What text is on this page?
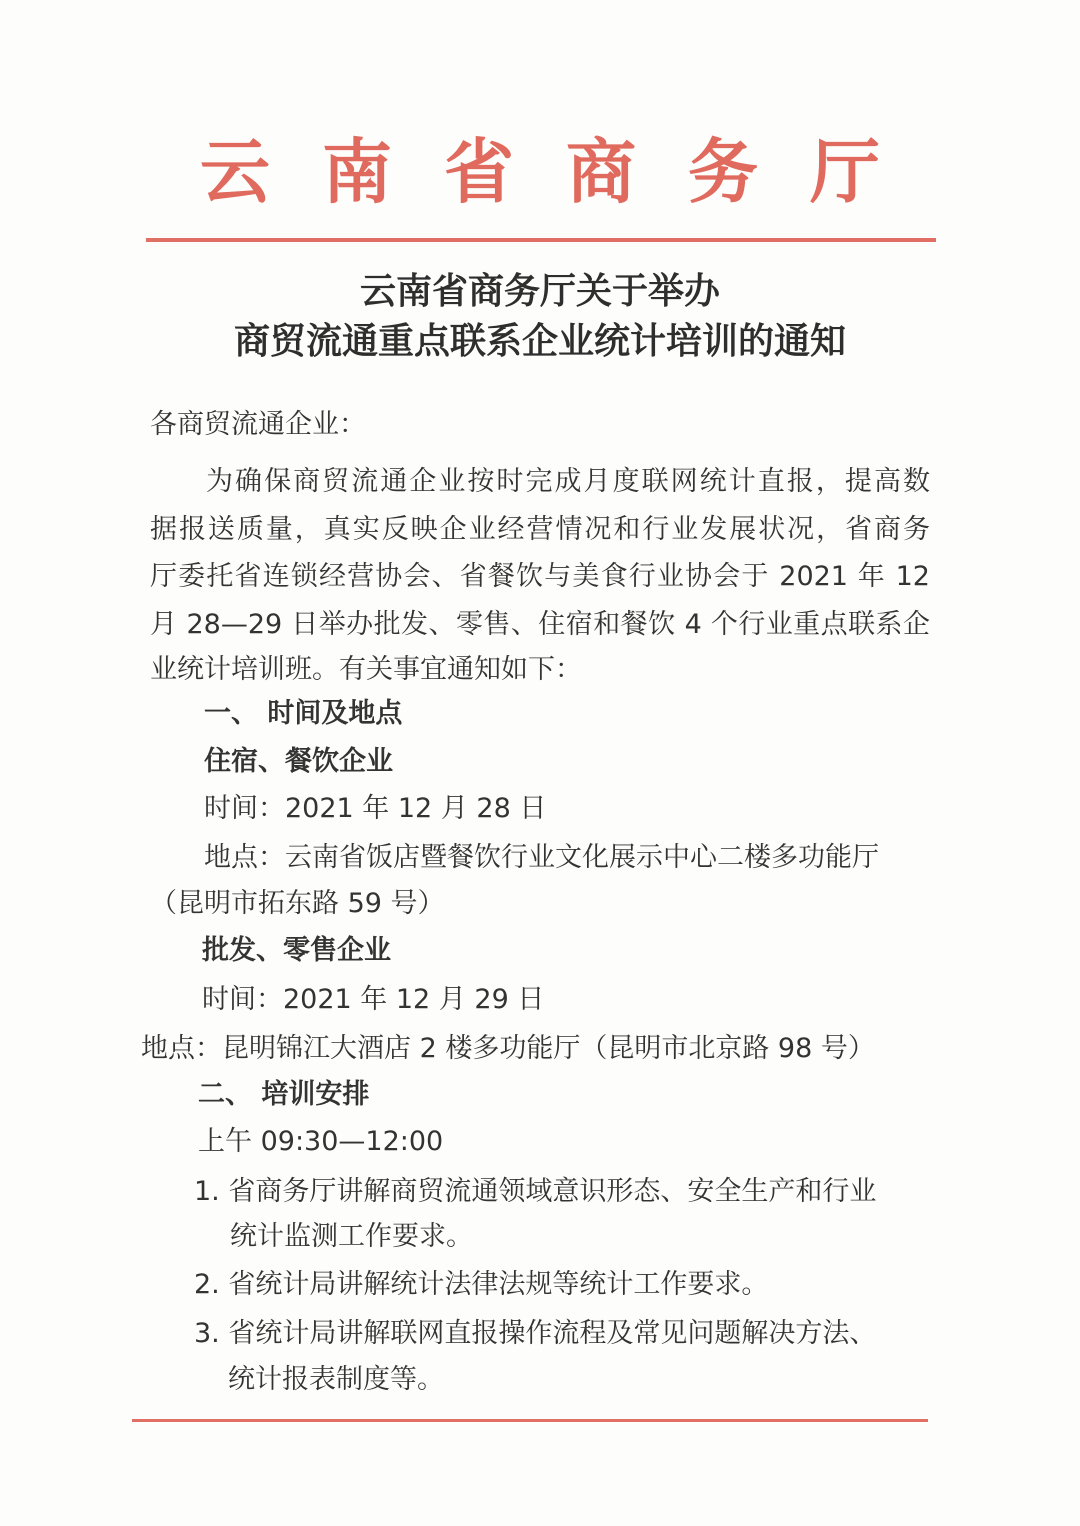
云 南 省 商 务 厅
云南省商务厅关于举办
商贸流通重点联系企业统计培训的通知
各商贸流通企业：
为确保商贸流通企业按时完成月度联网统计直报，提高数
据报送质量，真实反映企业经营情况和行业发展状况，省商务
厅委托省连锁经营协会、省餐饮与美食行业协会于 2021 年 12
月 28—29 日举办批发、零售、住宿和餐饮 4 个行业重点联系企
业统计培训班。有关事宜通知如下：
一、 时间及地点
住宿、餐饮企业
时间：2021 年 12 月 28 日
地点：云南省饭店暨餐饮行业文化展示中心二楼多功能厅
（昆明市拓东路 59 号）
批发、零售企业
时间：2021 年 12 月 29 日
地点：昆明锦江大酒店 2 楼多功能厅（昆明市北京路 98 号）
二、 培训安排
上午 09:30—12:00
1. 省商务厅讲解商贸流通领域意识形态、安全生产和行业
统计监测工作要求。
2. 省统计局讲解统计法律法规等统计工作要求。
3. 省统计局讲解联网直报操作流程及常见问题解决方法、
统计报表制度等。
